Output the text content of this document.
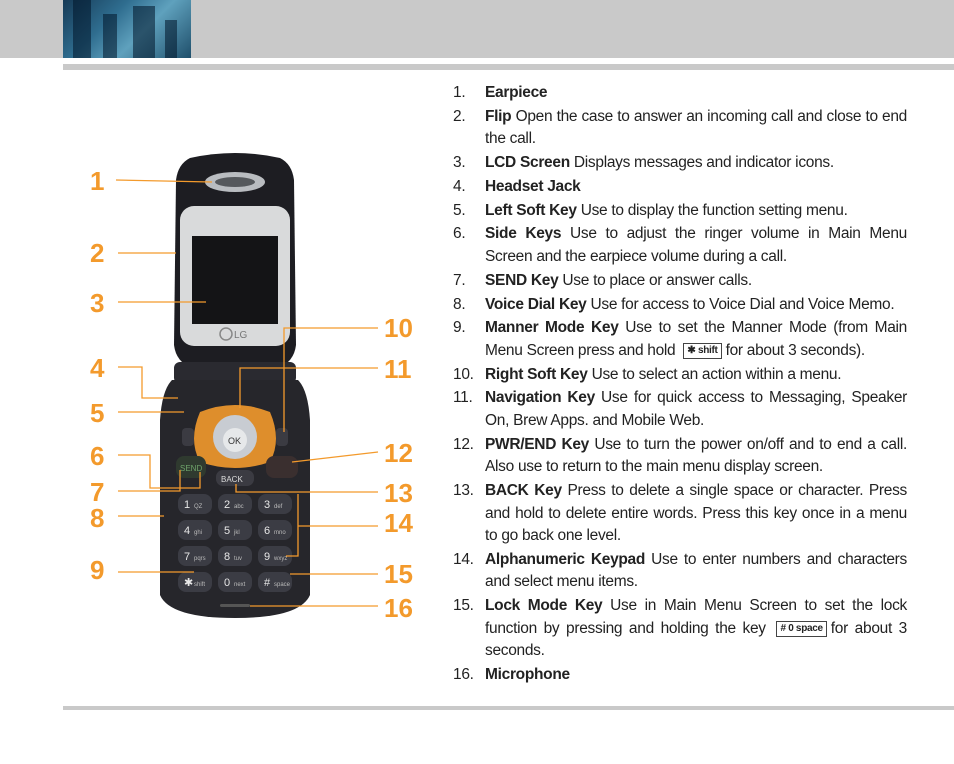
LG
OK
SEND
BACK
1 QZ 2 abc 3 def
4 ghi 5 jkl 6 mno
7 pqrs 8 tuv 9 wxyz
✱ shift 0 next # space
1
2
3
4
5
6
7
8
9
10
11
12
13
14
15
16
1. Earpiece
2. Flip Open the case to answer an incoming call and close to end the call.
3. LCD Screen Displays messages and indicator icons.
4. Headset Jack
5. Left Soft Key Use to display the function setting menu.
6. Side Keys Use to adjust the ringer volume in Main Menu Screen and the earpiece volume during a call.
7. SEND Key Use to place or answer calls.
8. Voice Dial Key Use for access to Voice Dial and Voice Memo.
9. Manner Mode Key Use to set the Manner Mode (from Main Menu Screen press and hold ✱ shift for about 3 seconds).
10. Right Soft Key Use to select an action within a menu.
11. Navigation Key Use for quick access to Messaging, Speaker On, Brew Apps. and Mobile Web.
12. PWR/END Key Use to turn the power on/off and to end a call. Also use to return to the main menu display screen.
13. BACK Key Press to delete a single space or character. Press and hold to delete entire words. Press this key once in a menu to go back one level.
14. Alphanumeric Keypad Use to enter numbers and characters and select menu items.
15. Lock Mode Key Use in Main Menu Screen to set the lock function by pressing and holding the key # 0 space for about 3 seconds.
16. Microphone
